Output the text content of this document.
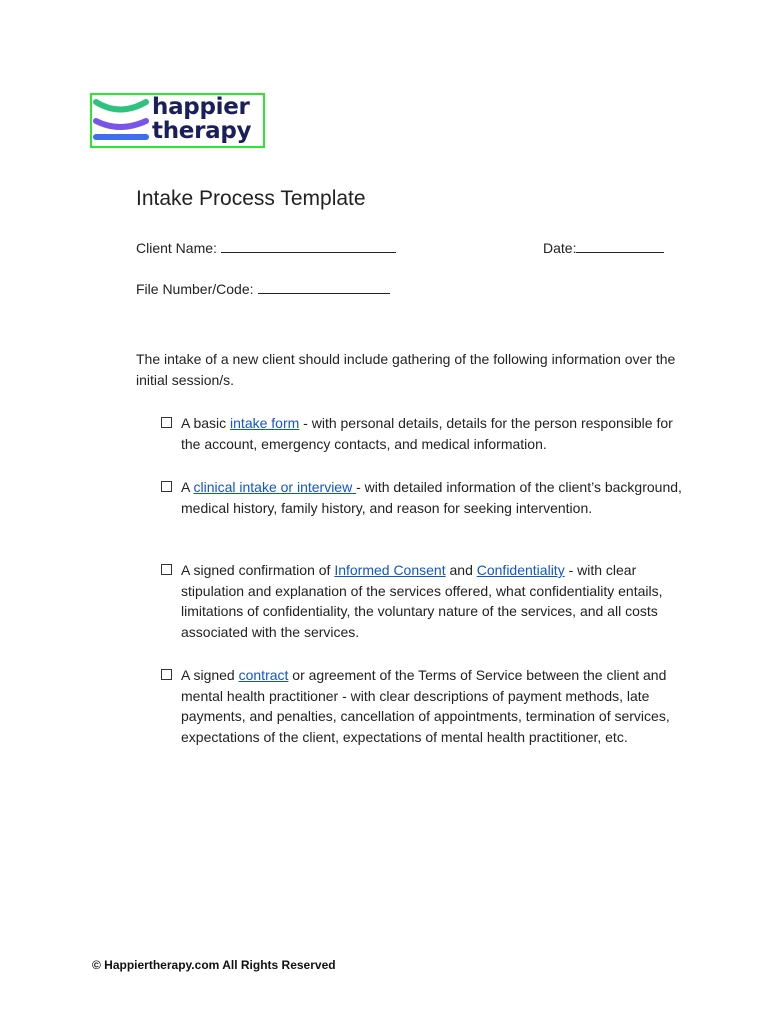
happier
therapy
Intake Process Template
Client Name:	Date:
File Number/Code:
The intake of a new client should include gathering of the following information over the initial session/s.
A basic intake form - with personal details, details for the person responsible for the account, emergency contacts, and medical information.
A clinical intake or interview - with detailed information of the client’s background, medical history, family history, and reason for seeking intervention.
A signed confirmation of Informed Consent and Confidentiality - with clear stipulation and explanation of the services offered, what confidentiality entails, limitations of confidentiality, the voluntary nature of the services, and all costs associated with the services.
A signed contract or agreement of the Terms of Service between the client and mental health practitioner - with clear descriptions of payment methods, late payments, and penalties, cancellation of appointments, termination of services, expectations of the client, expectations of mental health practitioner, etc.
© Happiertherapy.com All Rights Reserved
